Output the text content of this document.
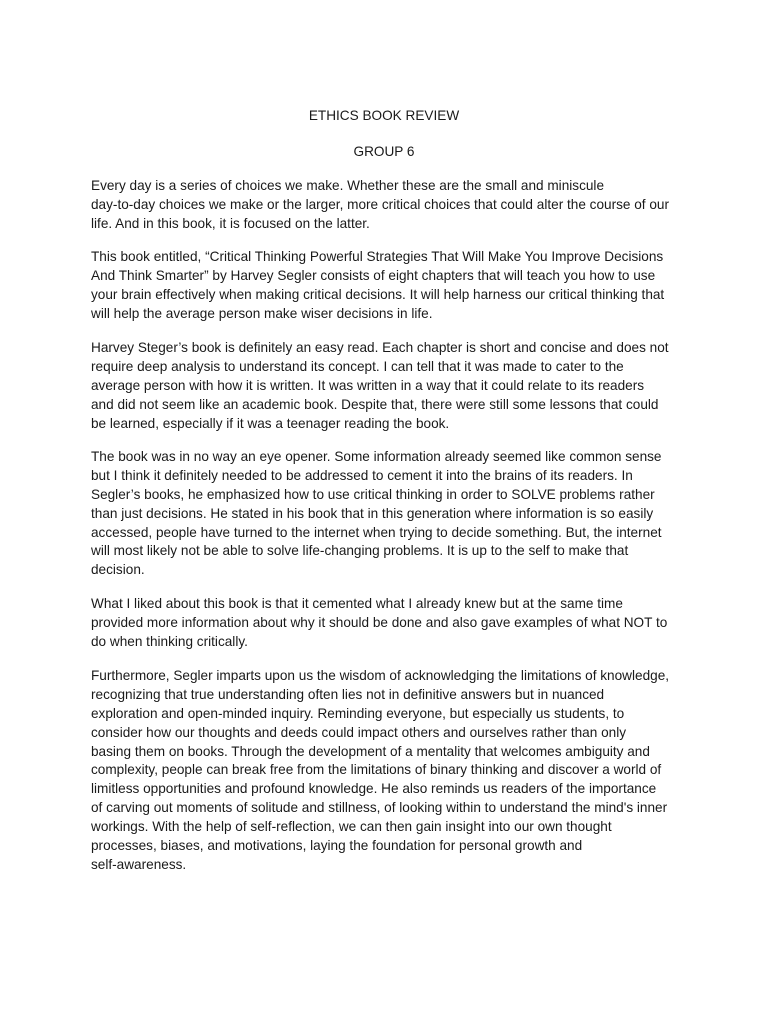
ETHICS BOOK REVIEW
GROUP 6
Every day is a series of choices we make. Whether these are the small and miniscule
day-to-day choices we make or the larger, more critical choices that could alter the course of our
life. And in this book, it is focused on the latter.
This book entitled, “Critical Thinking Powerful Strategies That Will Make You Improve Decisions
And Think Smarter” by Harvey Segler consists of eight chapters that will teach you how to use
your brain effectively when making critical decisions. It will help harness our critical thinking that
will help the average person make wiser decisions in life.
Harvey Steger’s book is definitely an easy read. Each chapter is short and concise and does not
require deep analysis to understand its concept. I can tell that it was made to cater to the
average person with how it is written. It was written in a way that it could relate to its readers
and did not seem like an academic book. Despite that, there were still some lessons that could
be learned, especially if it was a teenager reading the book.
The book was in no way an eye opener. Some information already seemed like common sense
but I think it definitely needed to be addressed to cement it into the brains of its readers. In
Segler’s books, he emphasized how to use critical thinking in order to SOLVE problems rather
than just decisions. He stated in his book that in this generation where information is so easily
accessed, people have turned to the internet when trying to decide something. But, the internet
will most likely not be able to solve life-changing problems. It is up to the self to make that
decision.
What I liked about this book is that it cemented what I already knew but at the same time
provided more information about why it should be done and also gave examples of what NOT to
do when thinking critically.
Furthermore, Segler imparts upon us the wisdom of acknowledging the limitations of knowledge,
recognizing that true understanding often lies not in definitive answers but in nuanced
exploration and open-minded inquiry. Reminding everyone, but especially us students, to
consider how our thoughts and deeds could impact others and ourselves rather than only
basing them on books. Through the development of a mentality that welcomes ambiguity and
complexity, people can break free from the limitations of binary thinking and discover a world of
limitless opportunities and profound knowledge. He also reminds us readers of the importance
of carving out moments of solitude and stillness, of looking within to understand the mind's inner
workings. With the help of self-reflection, we can then gain insight into our own thought
processes, biases, and motivations, laying the foundation for personal growth and
self-awareness.
